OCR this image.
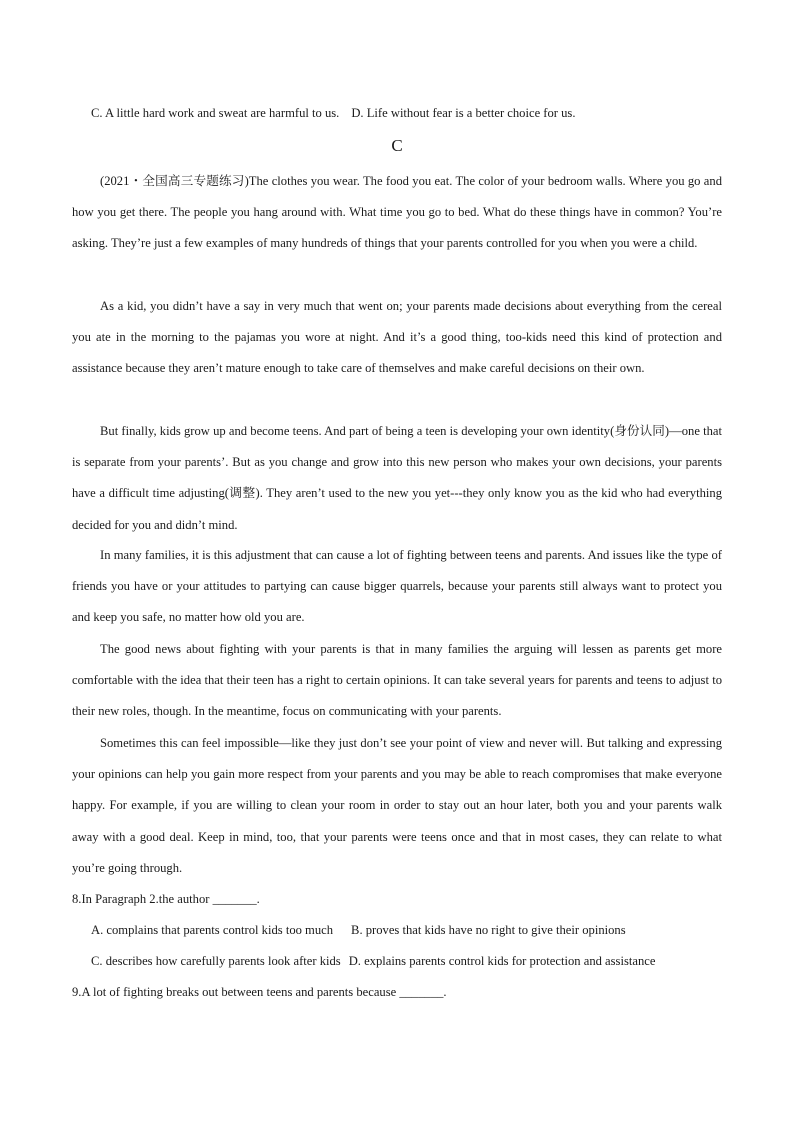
C. A little hard work and sweat are harmful to us. D. Life without fear is a better choice for us.
C
(2021・全国高三专题练习)The clothes you wear. The food you eat. The color of your bedroom walls. Where you go and how you get there. The people you hang around with. What time you go to bed. What do these things have in common? You’re asking. They’re just a few examples of many hundreds of things that your parents controlled for you when you were a child.
As a kid, you didn’t have a say in very much that went on; your parents made decisions about everything from the cereal you ate in the morning to the pajamas you wore at night. And it’s a good thing, too-kids need this kind of protection and assistance because they aren’t mature enough to take care of themselves and make careful decisions on their own.
But finally, kids grow up and become teens. And part of being a teen is developing your own identity(身份认同)—one that is separate from your parents’. But as you change and grow into this new person who makes your own decisions, your parents have a difficult time adjusting(调整). They aren’t used to the new you yet---they only know you as the kid who had everything decided for you and didn’t mind.
In many families, it is this adjustment that can cause a lot of fighting between teens and parents. And issues like the type of friends you have or your attitudes to partying can cause bigger quarrels, because your parents still always want to protect you and keep you safe, no matter how old you are.
The good news about fighting with your parents is that in many families the arguing will lessen as parents get more comfortable with the idea that their teen has a right to certain opinions. It can take several years for parents and teens to adjust to their new roles, though. In the meantime, focus on communicating with your parents.
Sometimes this can feel impossible—like they just don’t see your point of view and never will. But talking and expressing your opinions can help you gain more respect from your parents and you may be able to reach compromises that make everyone happy. For example, if you are willing to clean your room in order to stay out an hour later, both you and your parents walk away with a good deal. Keep in mind, too, that your parents were teens once and that in most cases, they can relate to what you’re going through.
8.In Paragraph 2.the author _______.
A. complains that parents control kids too much B. proves that kids have no right to give their opinions
C. describes how carefully parents look after kids D. explains parents control kids for protection and assistance
9.A lot of fighting breaks out between teens and parents because _______.
